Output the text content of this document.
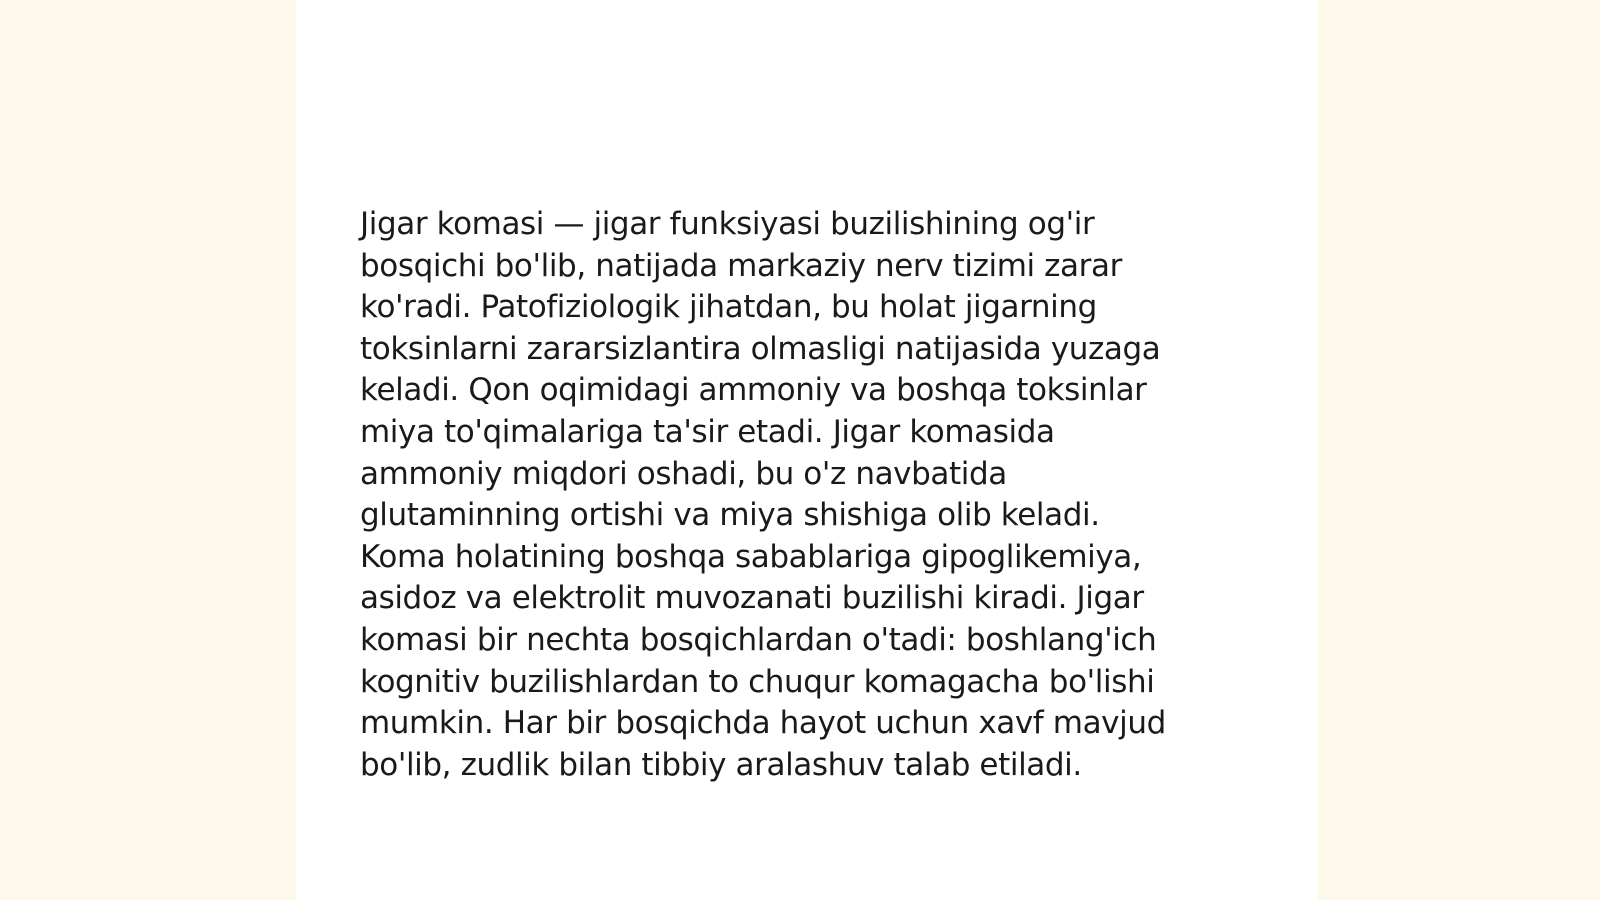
Jigar komasi — jigar funksiyasi buzilishining og'ir
bosqichi bo'lib, natijada markaziy nerv tizimi zarar
ko'radi. Patofiziologik jihatdan, bu holat jigarning
toksinlarni zararsizlantira olmasligi natijasida yuzaga
keladi. Qon oqimidagi ammoniy va boshqa toksinlar
miya to'qimalariga ta'sir etadi. Jigar komasida
ammoniy miqdori oshadi, bu o'z navbatida
glutaminning ortishi va miya shishiga olib keladi.
Koma holatining boshqa sabablariga gipoglikemiya,
asidoz va elektrolit muvozanati buzilishi kiradi. Jigar
komasi bir nechta bosqichlardan o'tadi: boshlang'ich
kognitiv buzilishlardan to chuqur komagacha bo'lishi
mumkin. Har bir bosqichda hayot uchun xavf mavjud
bo'lib, zudlik bilan tibbiy aralashuv talab etiladi.
